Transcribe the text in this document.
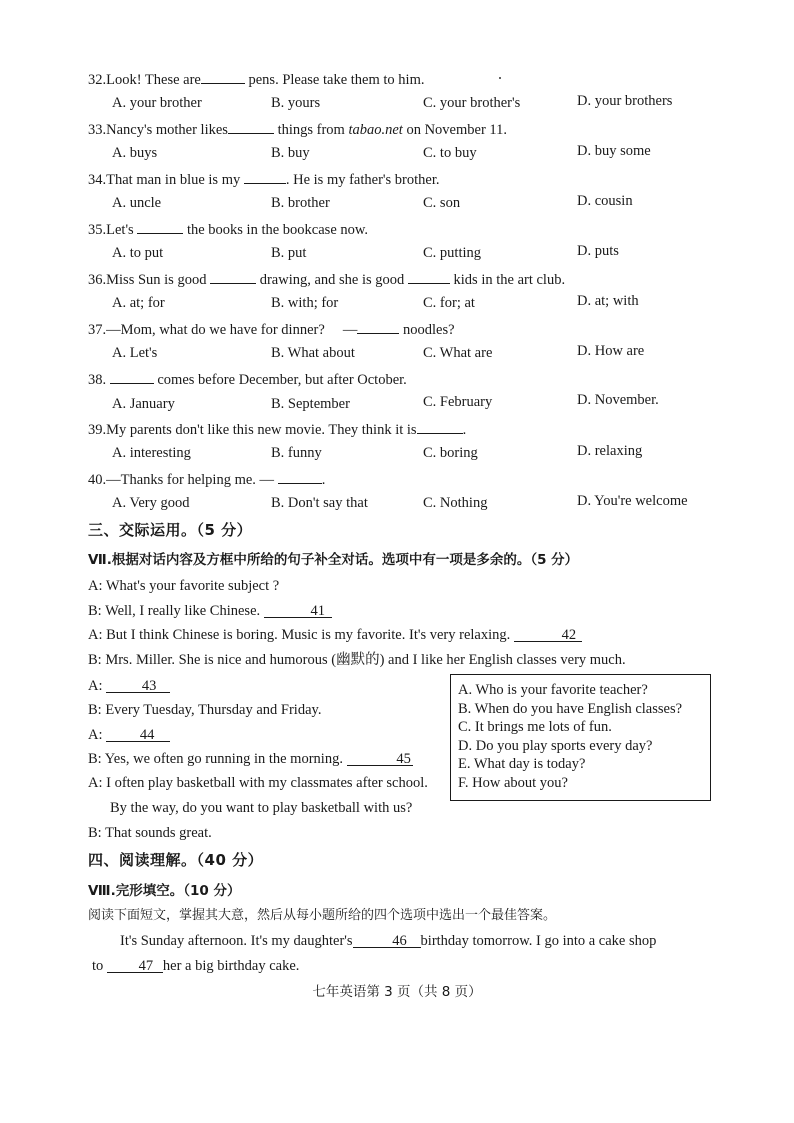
32.Look! These are	pens. Please take them to him.
A. your brother	B. yours	C. your brother's	D. your brothers
33.Nancy's mother likes	things from tabao.net on November 11.
A. buys	B. buy	C. to buy	D. buy some
34.That man in blue is my	. He is my father's brother.
A. uncle	B. brother	C. son	D. cousin
35.Let's	the books in the bookcase now.
A. to put	B. put	C. putting	D. puts
36.Miss Sun is good	drawing, and she is good	kids in the art club.
A. at; for	B. with; for	C. for; at	D. at; with
37.—Mom, what do we have for dinner? —	noodles?
A. Let's	B. What about	C. What are	D. How are
38.	comes before December, but after October.
A. January	B. September	C. February	D. November.
39.My parents don't like this new movie. They think it is	.
A. interesting	B. funny	C. boring	D. relaxing
40.—Thanks for helping me. —	.
A. Very good	B. Don't say that	C. Nothing	D. You're welcome
三、交际运用。（5 分）
Ⅶ.根据对话内容及方框中所给的句子补全对话。选项中有一项是多余的。（5 分）
A: What's your favorite subject ?
B: Well, I really like Chinese.	41
A: But I think Chinese is boring. Music is my favorite. It's very relaxing.	42
B: Mrs. Miller. She is nice and humorous (幽默的) and I like her English classes very much.
A: 43
B: Every Tuesday, Thursday and Friday.
A: 44
B: Yes, we often go running in the morning.	45
A: I often play basketball with my classmates after school.
By the way, do you want to play basketball with us?
B: That sounds great.
A. Who is your favorite teacher?
B. When do you have English classes?
C. It brings me lots of fun.
D. Do you play sports every day?
E. What day is today?
F. How about you?
四、阅读理解。（40 分）
Ⅷ.完形填空。（10 分）
阅读下面短文，掌握其大意，然后从每小题所给的四个选项中选出一个最佳答案。
It's Sunday afternoon. It's my daughter's	46 birthday tomorrow. I go into a cake shop
to 47 her a big birthday cake.
七年英语第 3 页（共 8 页）
